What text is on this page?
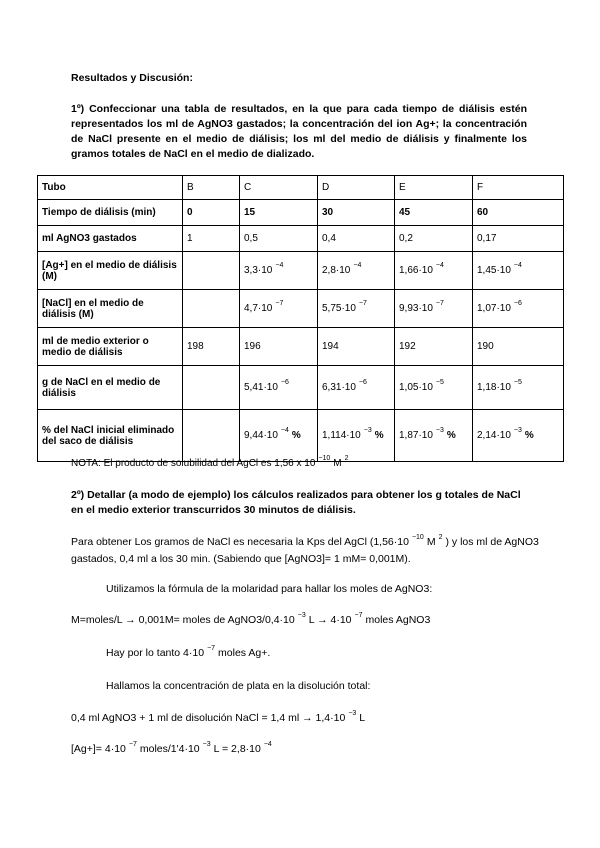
Resultados y Discusión:
1º) Confeccionar una tabla de resultados, en la que para cada tiempo de diálisis estén representados los ml de AgNO3 gastados; la concentración del ion Ag+; la concentración de NaCl presente en el medio de diálisis; los ml del medio de diálisis y finalmente los gramos totales de NaCl en el medio de dializado.
Tubo	B	C	D	E	F
Tiempo de diálisis (min)	0	15	30	45	60
ml AgNO3 gastados	1	0,5	0,4	0,2	0,17
[Ag+] en el medio de diálisis (M)		3,3·10 $^{-4}$	2,8·10 $^{-4}$	1,66·10 $^{-4}$	1,45·10 $^{-4}$
[NaCl] en el medio de diálisis (M)		4,7·10 $^{-7}$	5,75·10 $^{-7}$	9,93·10 $^{-7}$	1,07·10 $^{-6}$
ml de medio exterior o medio de diálisis	198	196	194	192	190
g de NaCl en el medio de diálisis		5,41·10 $^{-6}$	6,31·10 $^{-6}$	1,05·10 $^{-5}$	1,18·10 $^{-5}$
% del NaCl inicial eliminado del saco de diálisis		9,44·10 $^{-4}$ %	1,114·10 $^{-3}$ %	1,87·10 $^{-3}$ %	2,14·10 $^{-3}$ %
NOTA: El producto de solubilidad del AgCl es 1,56 x 10 $^{-10}$ M $^2$
2º) Detallar (a modo de ejemplo) los cálculos realizados para obtener los g totales de NaCl en el medio exterior transcurridos 30 minutos de diálisis.
Para obtener Los gramos de NaCl es necesaria la Kps del AgCl (1,56·10 $^{-10}$ M $^2$ ) y los ml de AgNO3 gastados, 0,4 ml a los 30 min. (Sabiendo que [AgNO3]= 1 mM= 0,001M).
Utilizamos la fórmula de la molaridad para hallar los moles de AgNO3:
M=moles/L → 0,001M= moles de AgNO3/0,4·10 $^{-3}$ L → 4·10 $^{-7}$ moles AgNO3
Hay por lo tanto 4·10 $^{-7}$ moles Ag+.
Hallamos la concentración de plata en la disolución total:
0,4 ml AgNO3 + 1 ml de disolución NaCl = 1,4 ml → 1,4·10 $^{-3}$ L
[Ag+]= 4·10 $^{-7}$ moles/1'4·10 $^{-3}$ L = 2,8·10 $^{-4}$
